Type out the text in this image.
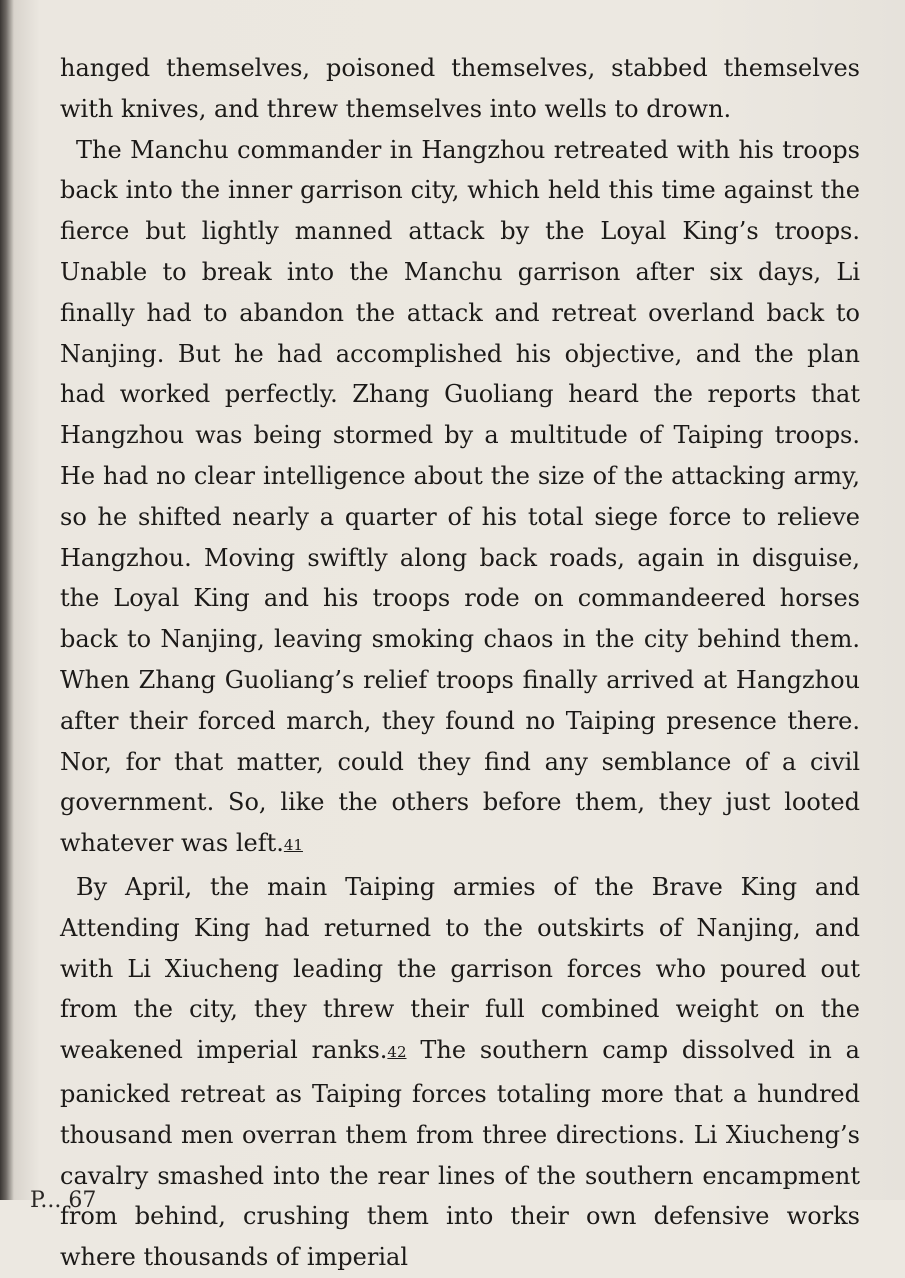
hanged themselves, poisoned themselves, stabbed themselves with knives, and threw themselves into wells to drown.

The Manchu commander in Hangzhou retreated with his troops back into the inner garrison city, which held this time against the fierce but lightly manned attack by the Loyal King’s troops. Unable to break into the Manchu garrison after six days, Li finally had to abandon the attack and retreat overland back to Nanjing. But he had accomplished his objective, and the plan had worked perfectly. Zhang Guoliang heard the reports that Hangzhou was being stormed by a multitude of Taiping troops. He had no clear intelligence about the size of the attacking army, so he shifted nearly a quarter of his total siege force to relieve Hangzhou. Moving swiftly along back roads, again in disguise, the Loyal King and his troops rode on commandeered horses back to Nanjing, leaving smoking chaos in the city behind them. When Zhang Guoliang’s relief troops finally arrived at Hangzhou after their forced march, they found no Taiping presence there. Nor, for that matter, could they find any semblance of a civil government. So, like the others before them, they just looted whatever was left.41

By April, the main Taiping armies of the Brave King and Attending King had returned to the outskirts of Nanjing, and with Li Xiucheng leading the garrison forces who poured out from the city, they threw their full combined weight on the weakened imperial ranks.42 The southern camp dissolved in a panicked retreat as Taiping forces totaling more that a hundred thousand men overran them from three directions. Li Xiucheng’s cavalry smashed into the rear lines of the southern encampment from behind, crushing them into their own defensive works where thousands of imperial

P... 67
